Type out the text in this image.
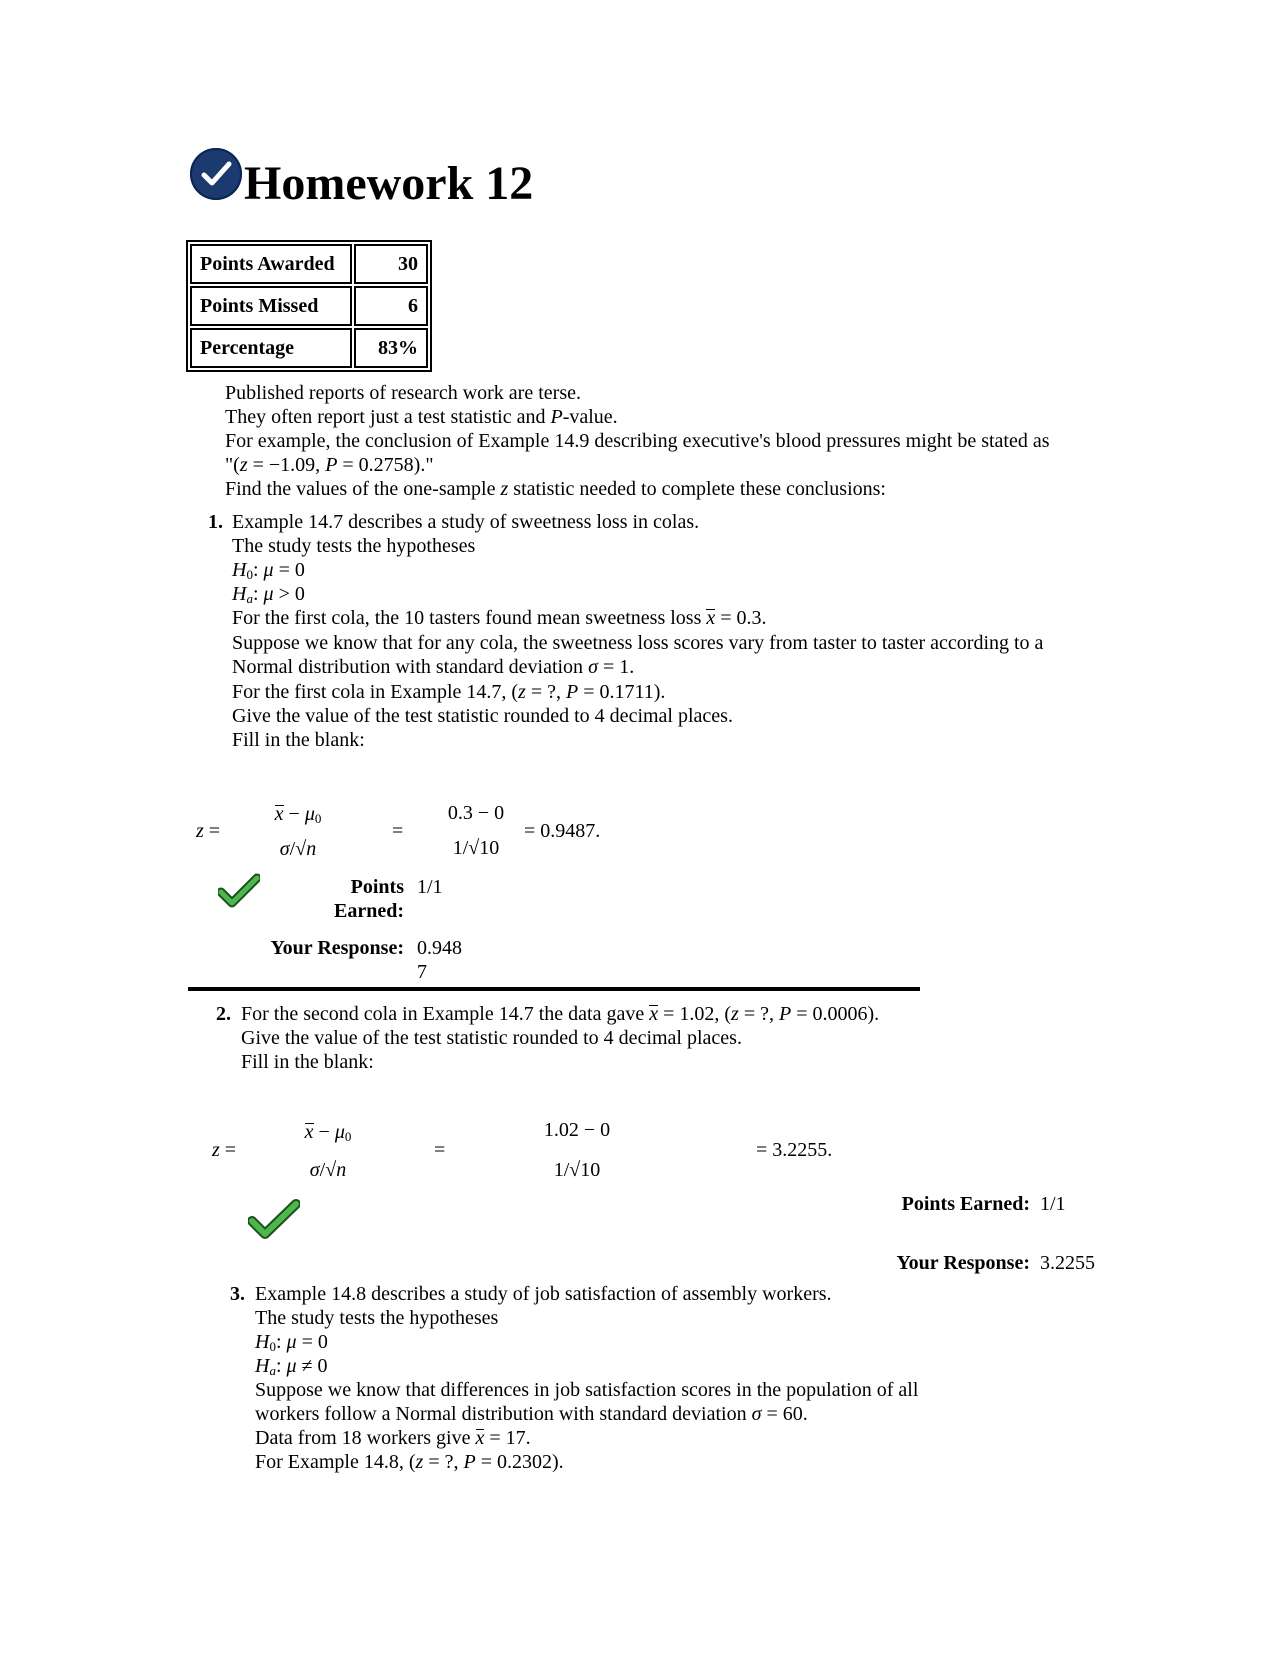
Homework 12
Points Awarded	30
Points Missed	6
Percentage	83%
Published reports of research work are terse.
They often report just a test statistic and P-value.
For example, the conclusion of Example 14.9 describing executive's blood pressures might be stated as
"(z = −1.09, P = 0.2758)."
Find the values of the one-sample z statistic needed to complete these conclusions:
1. Example 14.7 describes a study of sweetness loss in colas.
The study tests the hypotheses
$H_0$: μ = 0
$H_a$: μ > 0
For the first cola, the 10 tasters found mean sweetness loss x = 0.3.
Suppose we know that for any cola, the sweetness loss scores vary from taster to taster according to a
Normal distribution with standard deviation σ = 1.
For the first cola in Example 14.7, (z = ?, P = 0.1711).
Give the value of the test statistic rounded to 4 decimal places.
Fill in the blank:
z =
$x - \mu_0$
σ/√n
=
0.3 − 0
1/√10
= 0.9487.
Points
Earned:
1/1
Your Response: 0.948
7
2. For the second cola in Example 14.7 the data gave x = 1.02, (z = ?, P = 0.0006).
Give the value of the test statistic rounded to 4 decimal places.
Fill in the blank:
z =
$x - \mu_0$
σ/√n
=
1.02 − 0
1/√10
= 3.2255.
Points Earned: 1/1
Your Response: 3.2255
3. Example 14.8 describes a study of job satisfaction of assembly workers.
The study tests the hypotheses
$H_0$: μ = 0
$H_a$: μ ≠ 0
Suppose we know that differences in job satisfaction scores in the population of all
workers follow a Normal distribution with standard deviation σ = 60.
Data from 18 workers give x = 17.
For Example 14.8, (z = ?, P = 0.2302).
